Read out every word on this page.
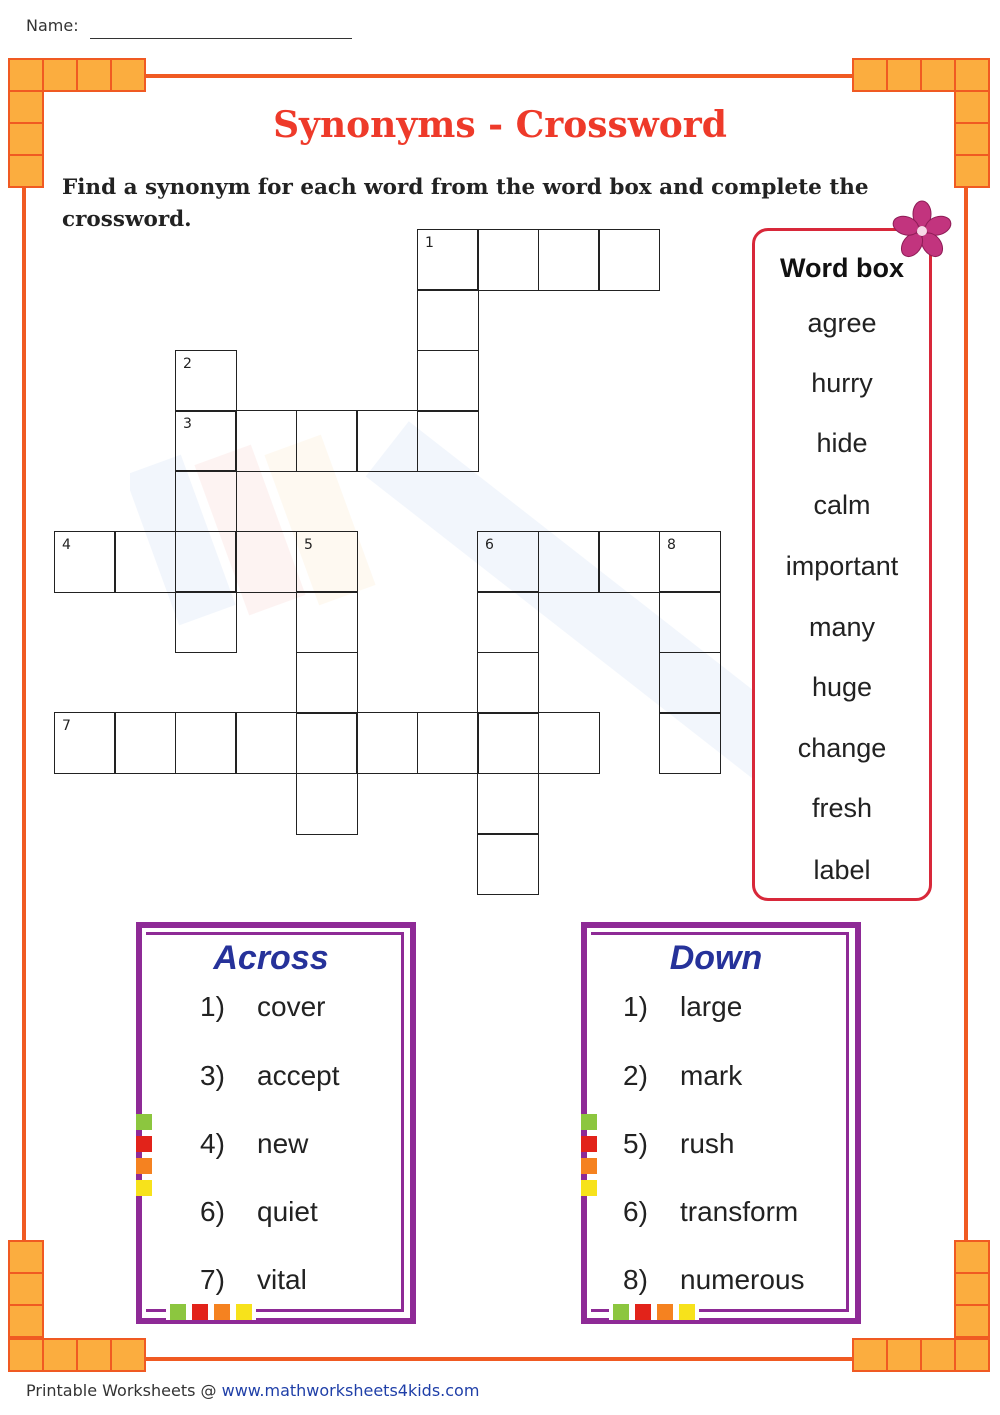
Name:
Synonyms - Crossword
Find a synonym for each word from the word box and complete the crossword.
1
2
3
4	5	6	8
7
Word box
agree
hurry
hide
calm
important
many
huge
change
fresh
label
Across
1) cover
3) accept
4) new
6) quiet
7) vital
Down
1) large
2) mark
5) rush
6) transform
8) numerous
Printable Worksheets @ www.mathworksheets4kids.com
